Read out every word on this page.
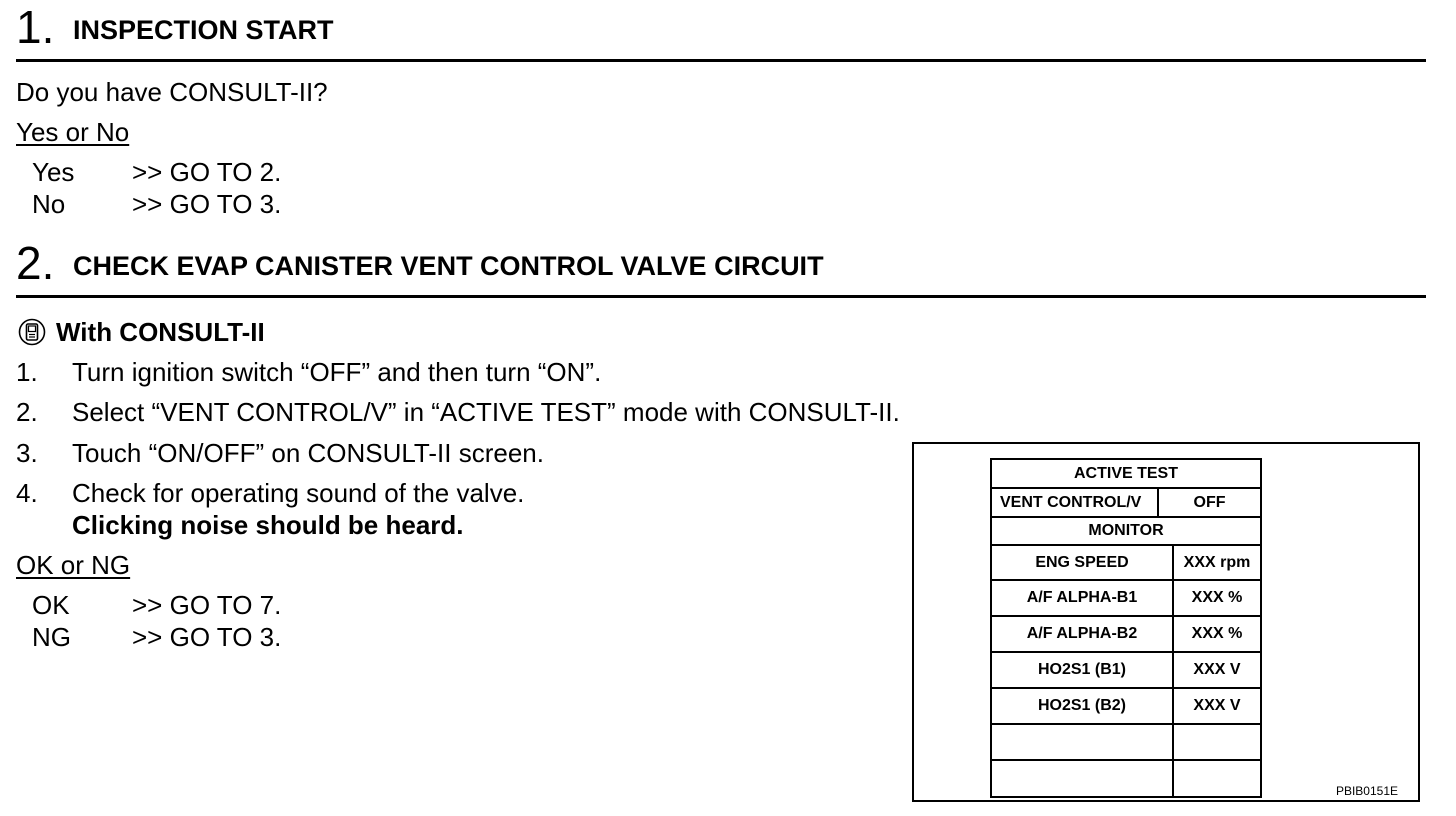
1. INSPECTION START
Do you have CONSULT-II?
Yes or No
Yes >> GO TO 2.
No	>> GO TO 3.
2. CHECK EVAP CANISTER VENT CONTROL VALVE CIRCUIT
With CONSULT-II
1. Turn ignition switch “OFF” and then turn “ON”.
2. Select “VENT CONTROL/V” in “ACTIVE TEST” mode with CONSULT-II.
3. Touch “ON/OFF” on CONSULT-II screen.
4. Check for operating sound of the valve.
Clicking noise should be heard.
OK or NG
OK >> GO TO 7.
NG >> GO TO 3.
ACTIVE TEST		
VENT CONTROL/V	OFF	
MONITOR		
ENG SPEED		XXX rpm
A/F ALPHA-B1		XXX %
A/F ALPHA-B2		XXX %
HO2S1 (B1)		XXX V
HO2S1 (B2)		XXX V

PBIB0151E
